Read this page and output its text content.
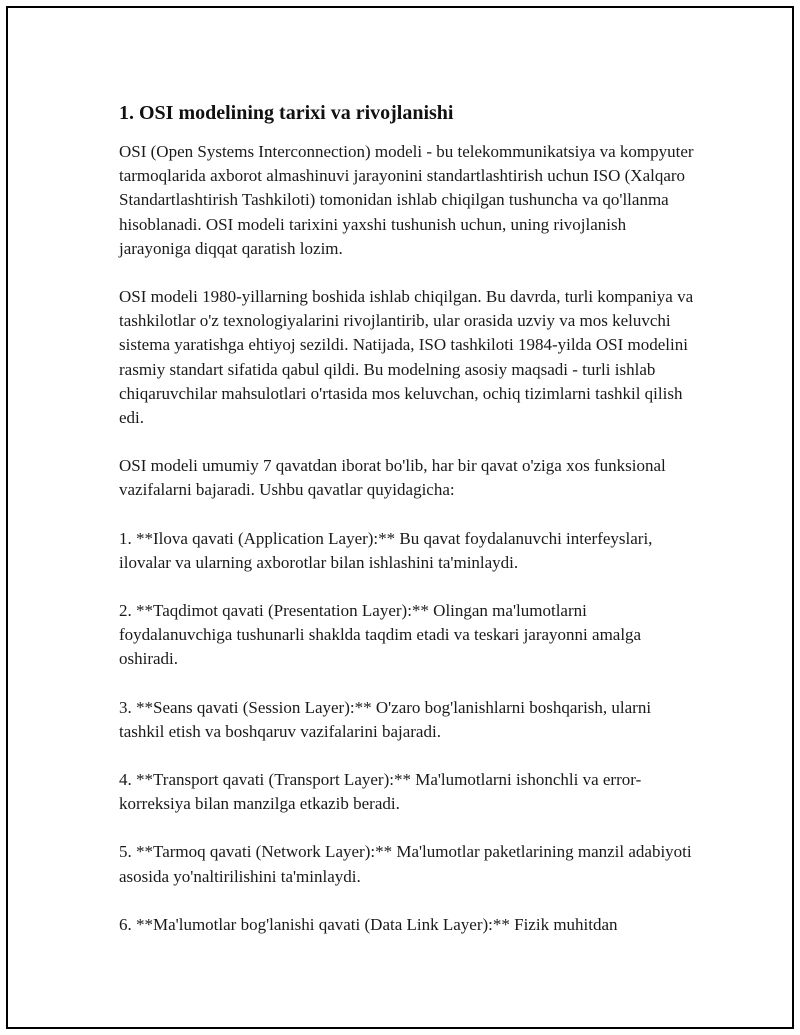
1. OSI modelining tarixi va rivojlanishi

OSI (Open Systems Interconnection) modeli - bu telekommunikatsiya va kompyuter tarmoqlarida axborot almashinuvi jarayonini standartlashtirish uchun ISO (Xalqaro Standartlashtirish Tashkiloti) tomonidan ishlab chiqilgan tushuncha va qo'llanma hisoblanadi. OSI modeli tarixini yaxshi tushunish uchun, uning rivojlanish jarayoniga diqqat qaratish lozim.

OSI modeli 1980-yillarning boshida ishlab chiqilgan. Bu davrda, turli kompaniya va tashkilotlar o'z texnologiyalarini rivojlantirib, ular orasida uzviy va mos keluvchi sistema yaratishga ehtiyoj sezildi. Natijada, ISO tashkiloti 1984-yilda OSI modelini rasmiy standart sifatida qabul qildi. Bu modelning asosiy maqsadi - turli ishlab chiqaruvchilar mahsulotlari o'rtasida mos keluvchan, ochiq tizimlarni tashkil qilish edi.

OSI modeli umumiy 7 qavatdan iborat bo'lib, har bir qavat o'ziga xos funksional vazifalarni bajaradi. Ushbu qavatlar quyidagicha:

1. **Ilova qavati (Application Layer):** Bu qavat foydalanuvchi interfeyslari, ilovalar va ularning axborotlar bilan ishlashini ta'minlaydi.

2. **Taqdimot qavati (Presentation Layer):** Olingan ma'lumotlarni foydalanuvchiga tushunarli shaklda taqdim etadi va teskari jarayonni amalga oshiradi.

3. **Seans qavati (Session Layer):** O'zaro bog'lanishlarni boshqarish, ularni tashkil etish va boshqaruv vazifalarini bajaradi.

4. **Transport qavati (Transport Layer):** Ma'lumotlarni ishonchli va error-korreksiya bilan manzilga etkazib beradi.

5. **Tarmoq qavati (Network Layer):** Ma'lumotlar paketlarining manzil adabiyoti asosida yo'naltirilishini ta'minlaydi.

6. **Ma'lumotlar bog'lanishi qavati (Data Link Layer):** Fizik muhitdan
